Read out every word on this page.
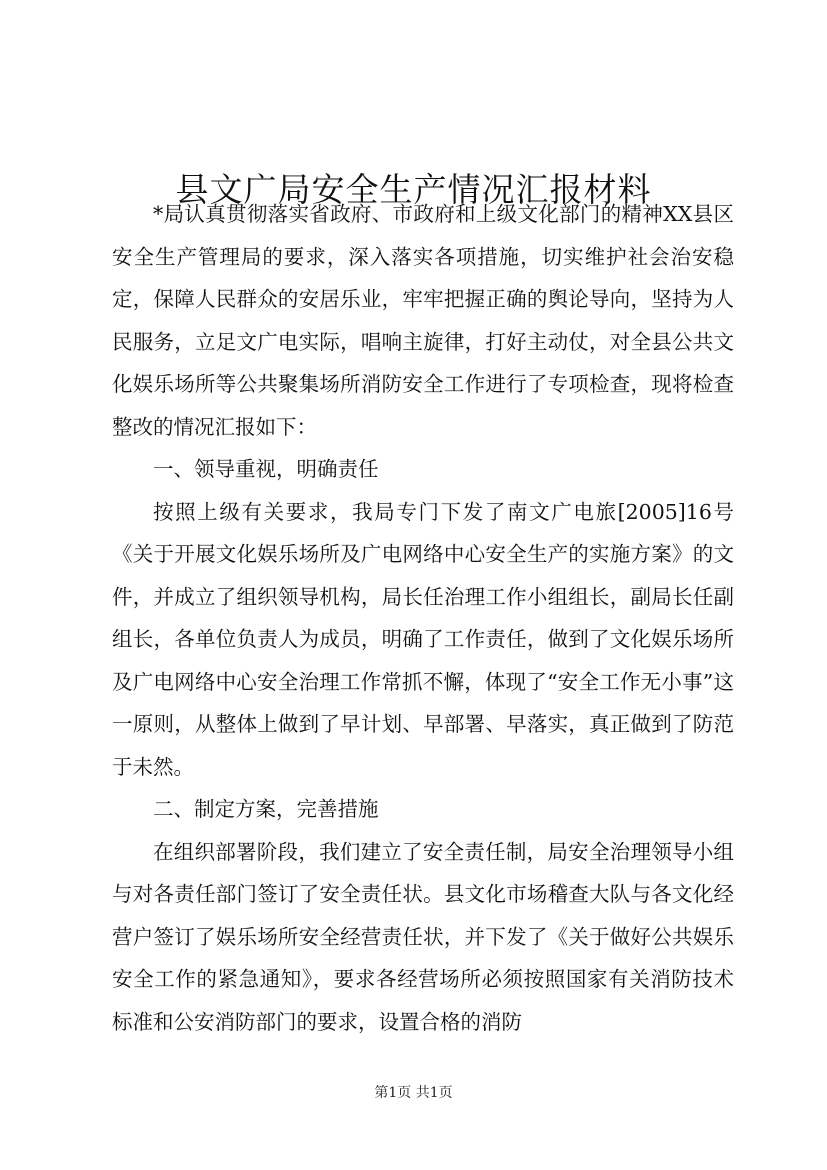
县文广局安全生产情况汇报材料

*局认真贯彻落实省政府、市政府和上级文化部门的精神XX县区安全生产管理局的要求，深入落实各项措施，切实维护社会治安稳定，保障人民群众的安居乐业，牢牢把握正确的舆论导向，坚持为人民服务，立足文广电实际，唱响主旋律，打好主动仗，对全县公共文化娱乐场所等公共聚集场所消防安全工作进行了专项检查，现将检查整改的情况汇报如下：

一、领导重视，明确责任

按照上级有关要求，我局专门下发了南文广电旅[2005]16号《关于开展文化娱乐场所及广电网络中心安全生产的实施方案》的文件，并成立了组织领导机构，局长任治理工作小组组长，副局长任副组长，各单位负责人为成员，明确了工作责任，做到了文化娱乐场所及广电网络中心安全治理工作常抓不懈，体现了“安全工作无小事”这一原则，从整体上做到了早计划、早部署、早落实，真正做到了防范于未然。

二、制定方案，完善措施

在组织部署阶段，我们建立了安全责任制，局安全治理领导小组与对各责任部门签订了安全责任状。县文化市场稽查大队与各文化经营户签订了娱乐场所安全经营责任状，并下发了《关于做好公共娱乐安全工作的紧急通知》，要求各经营场所必须按照国家有关消防技术标准和公安消防部门的要求，设置合格的消防

第1页 共1页
